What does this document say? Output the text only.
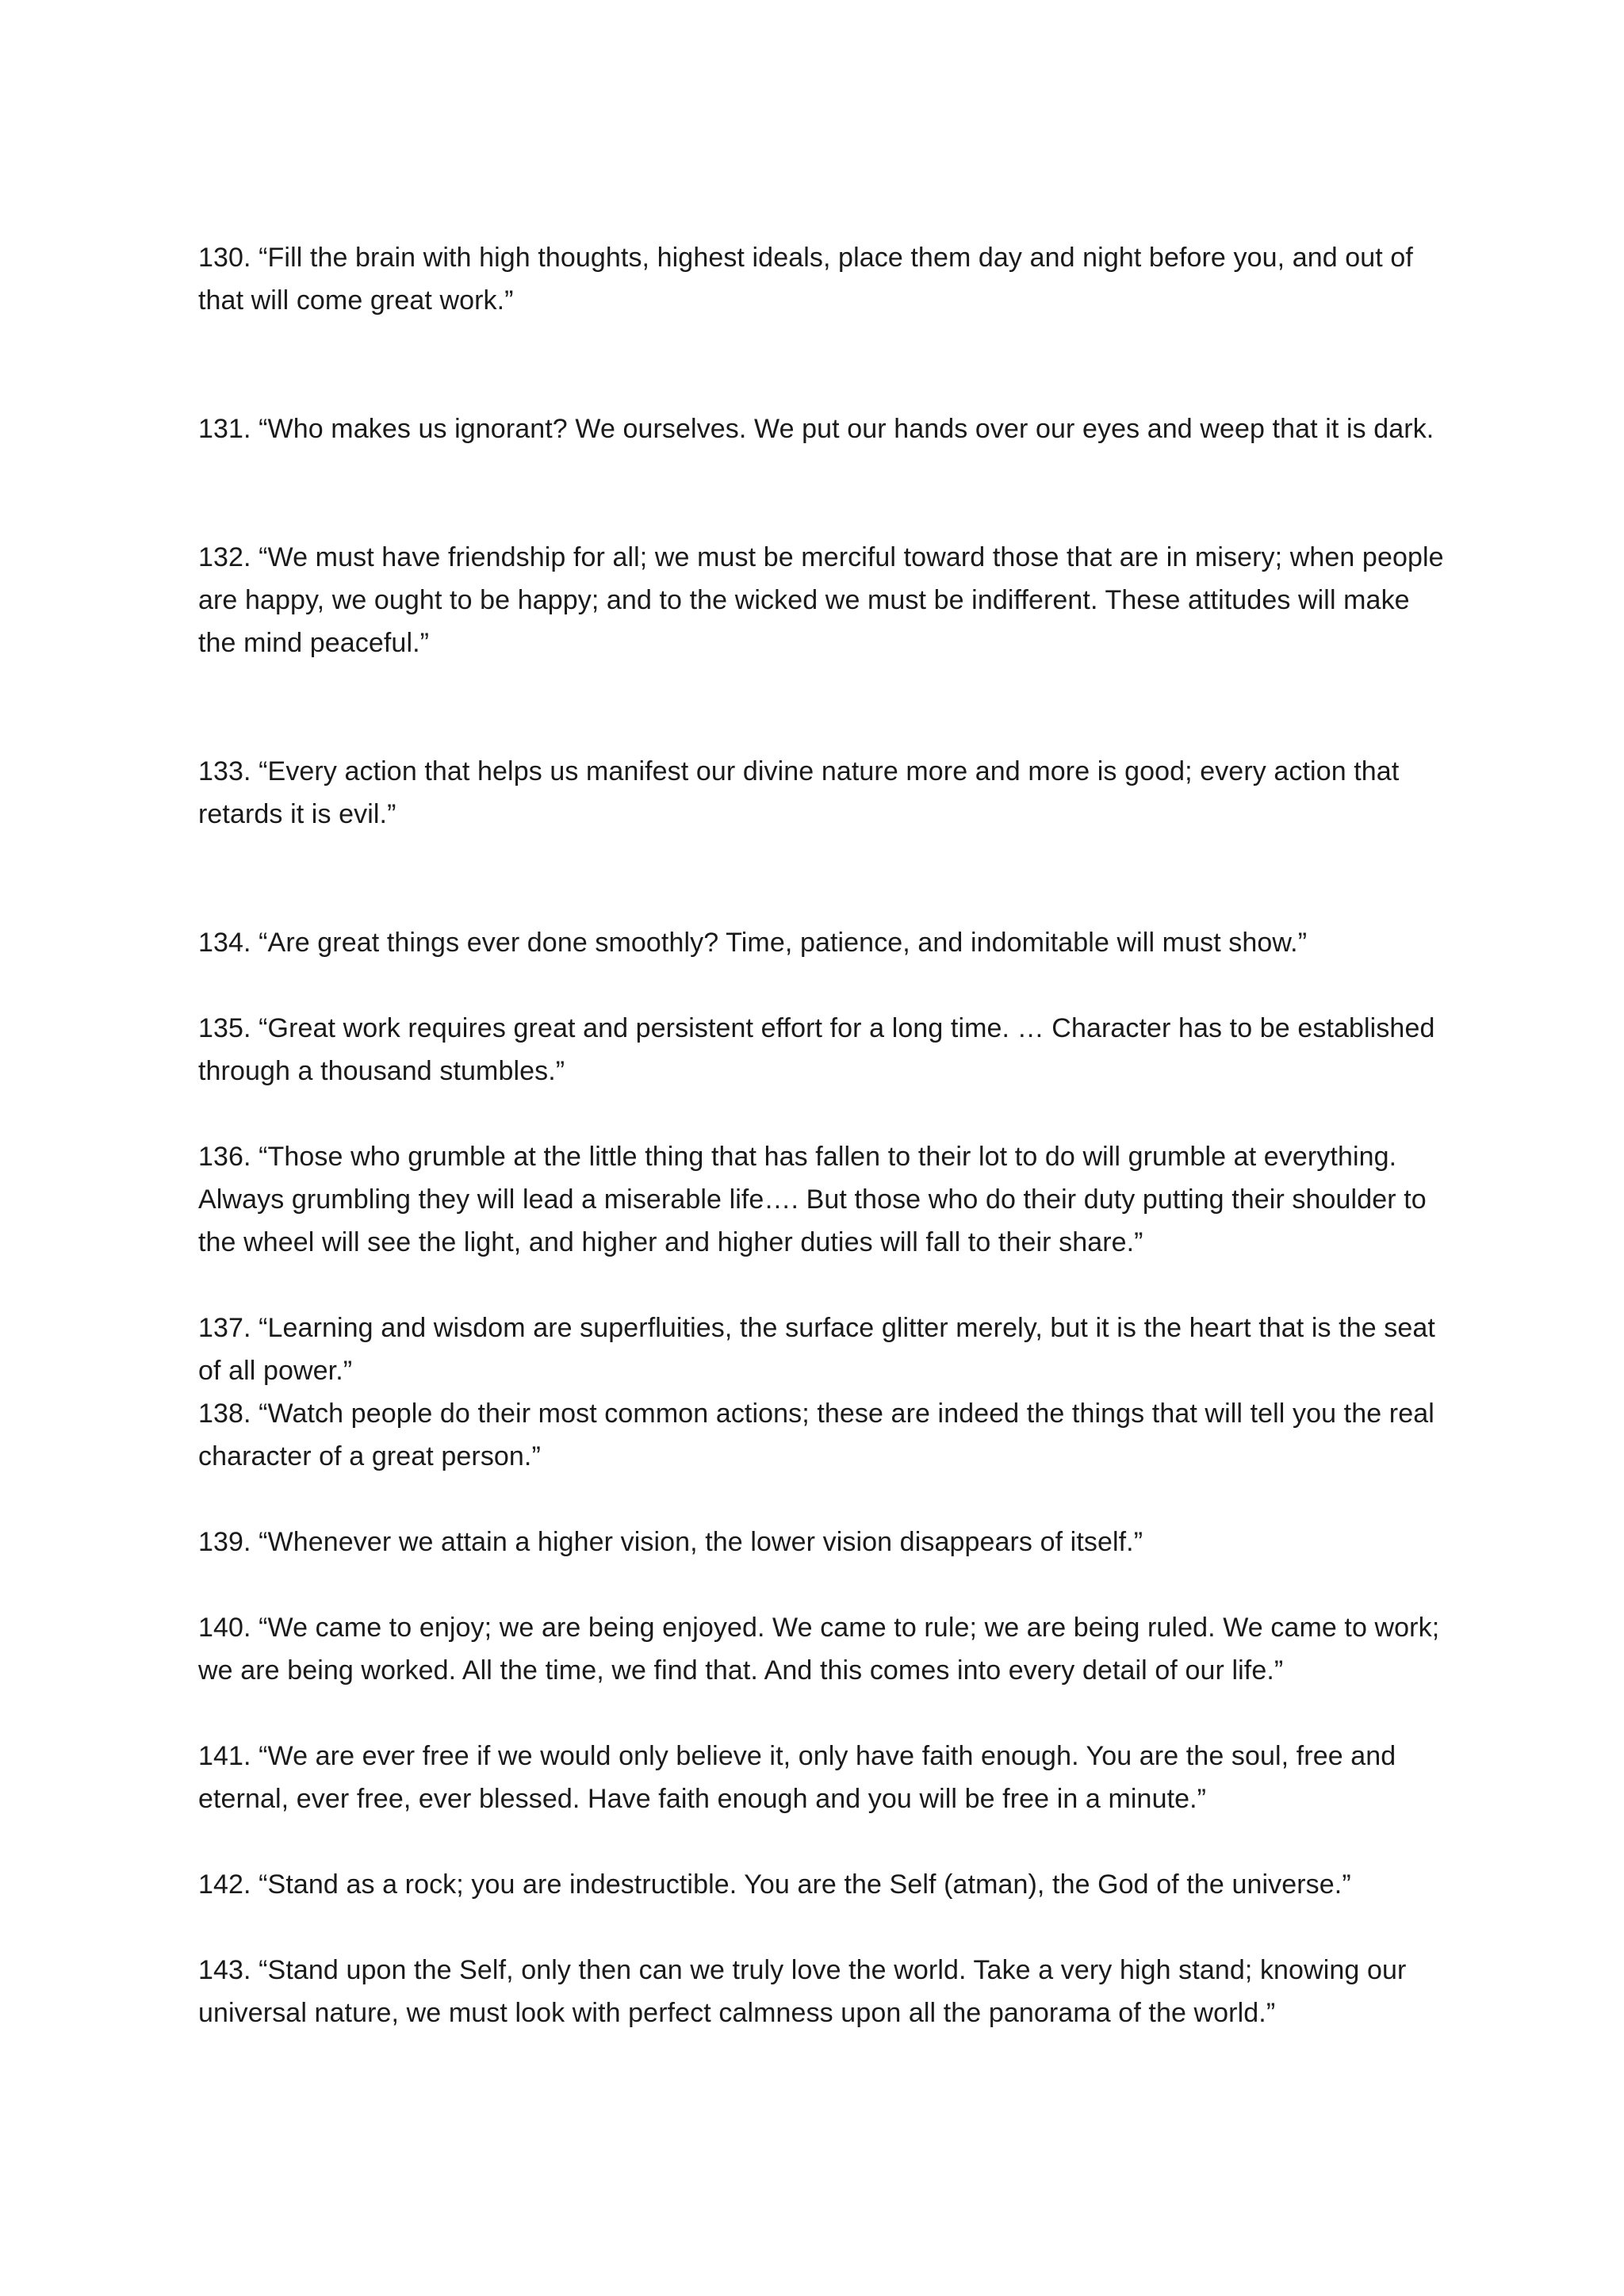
130. “Fill the brain with high thoughts, highest ideals, place them day and night before you, and out of that will come great work.”

131. “Who makes us ignorant? We ourselves. We put our hands over our eyes and weep that it is dark.

132. “We must have friendship for all; we must be merciful toward those that are in misery; when people are happy, we ought to be happy; and to the wicked we must be indifferent. These attitudes will make the mind peaceful.”

133. “Every action that helps us manifest our divine nature more and more is good; every action that retards it is evil.”

134. “Are great things ever done smoothly? Time, patience, and indomitable will must show.”

135. “Great work requires great and persistent effort for a long time. … Character has to be established through a thousand stumbles.”

136. “Those who grumble at the little thing that has fallen to their lot to do will grumble at everything. Always grumbling they will lead a miserable life…. But those who do their duty putting their shoulder to the wheel will see the light, and higher and higher duties will fall to their share.”

137. “Learning and wisdom are superfluities, the surface glitter merely, but it is the heart that is the seat of all power.”

138. “Watch people do their most common actions; these are indeed the things that will tell you the real character of a great person.”

139. “Whenever we attain a higher vision, the lower vision disappears of itself.”

140. “We came to enjoy; we are being enjoyed. We came to rule; we are being ruled. We came to work; we are being worked. All the time, we find that. And this comes into every detail of our life.”

141. “We are ever free if we would only believe it, only have faith enough. You are the soul, free and eternal, ever free, ever blessed. Have faith enough and you will be free in a minute.”

142. “Stand as a rock; you are indestructible. You are the Self (atman), the God of the universe.”

143. “Stand upon the Self, only then can we truly love the world. Take a very high stand; knowing our universal nature, we must look with perfect calmness upon all the panorama of the world.”
